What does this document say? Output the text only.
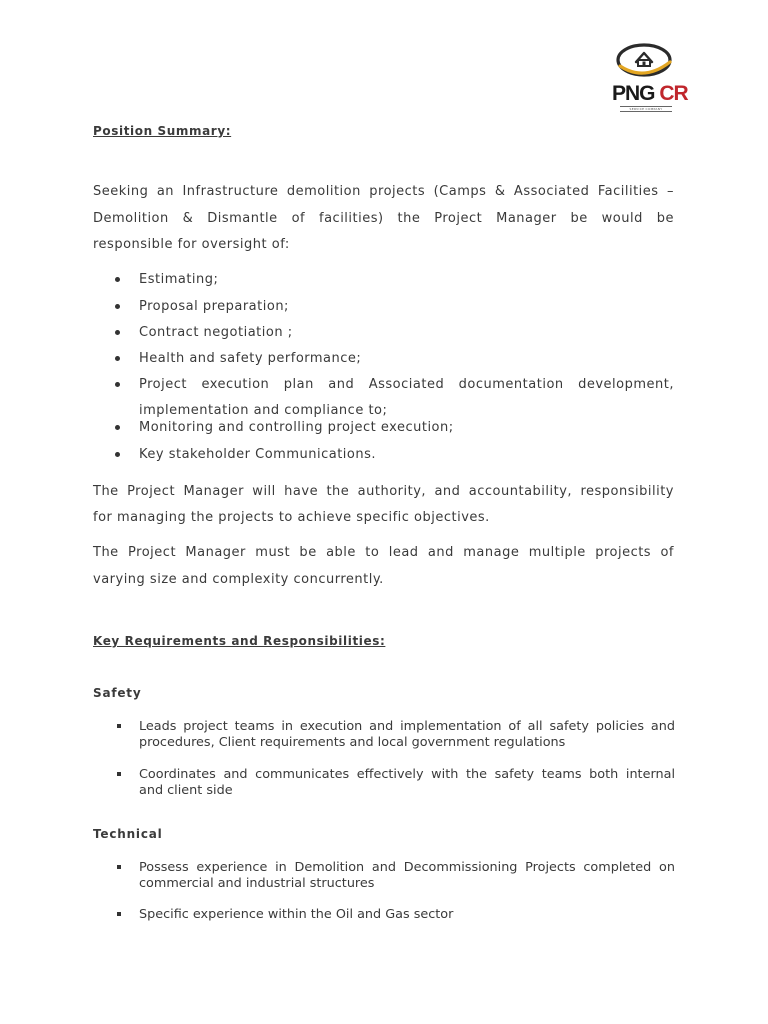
PNG CR
SERVICE COMPANY
Position Summary:

Seeking an Infrastructure demolition projects (Camps & Associated Facilities –

Demolition & Dismantle of facilities) the Project Manager be would be

responsible for oversight of:

Estimating;
Proposal preparation;
Contract negotiation ;
Health and safety performance;
Project execution plan and Associated documentation development,
implementation and compliance to;
Monitoring and controlling project execution;
Key stakeholder Communications.

The Project Manager will have the authority, and accountability, responsibility

for managing the projects to achieve specific objectives.

The Project Manager must be able to lead and manage multiple projects of

varying size and complexity concurrently.

Key Requirements and Responsibilities:
Safety
Leads project teams in execution and implementation of all safety policies and
procedures, Client requirements and local government regulations
Coordinates and communicates effectively with the safety teams both internal
and client side
Technical
Possess experience in Demolition and Decommissioning Projects completed on
commercial and industrial structures
Specific experience within the Oil and Gas sector
